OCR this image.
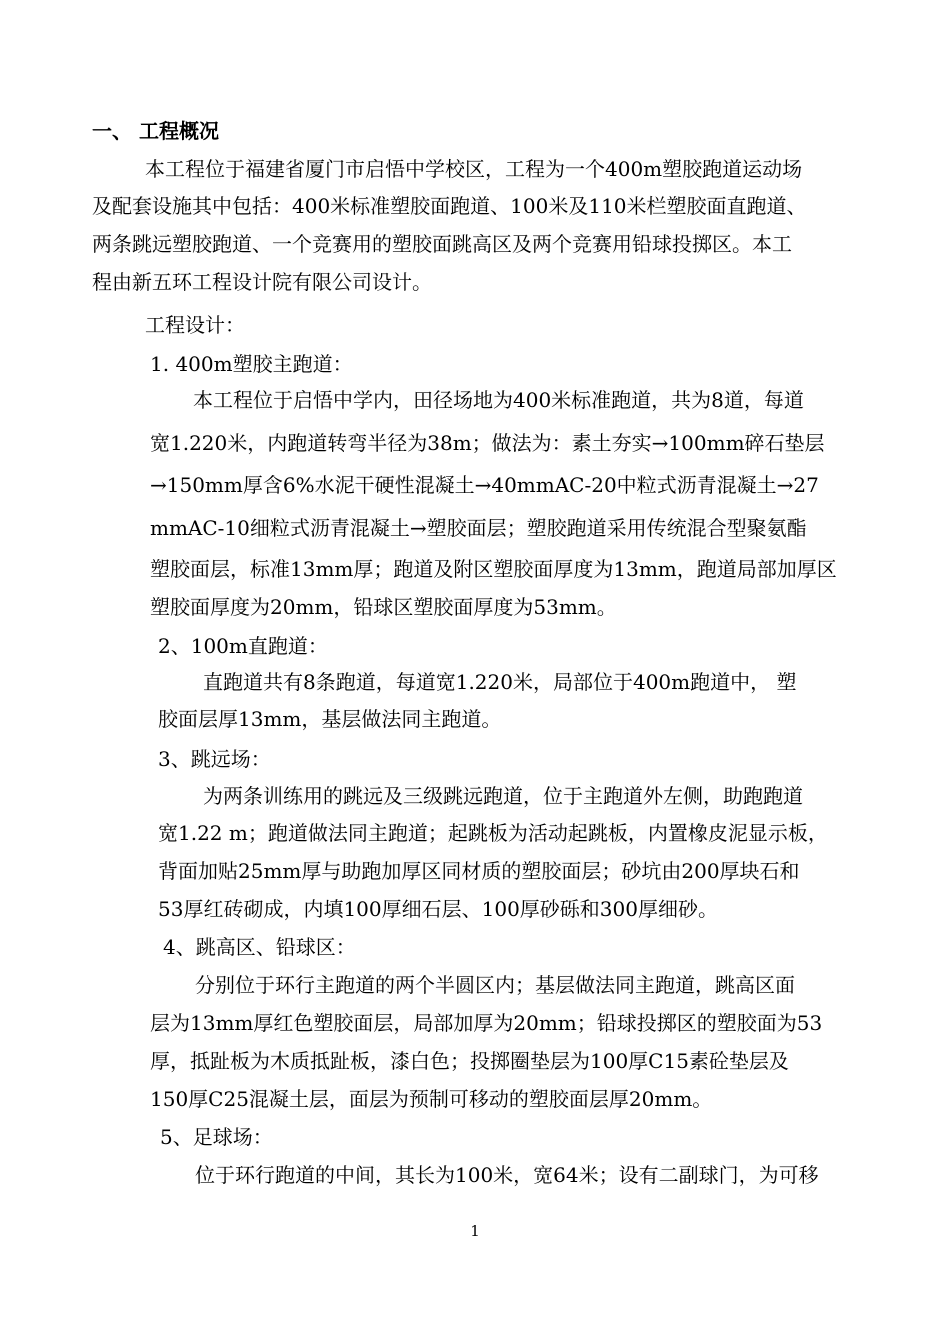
一、 工程概况
本工程位于福建省厦门市启悟中学校区，工程为一个400m塑胶跑道运动场
及配套设施其中包括：400米标准塑胶面跑道、100米及110米栏塑胶面直跑道、
两条跳远塑胶跑道、一个竞赛用的塑胶面跳高区及两个竞赛用铅球投掷区。本工
程由新五环工程设计院有限公司设计。
工程设计：
1. 400m塑胶主跑道：
本工程位于启悟中学内，田径场地为400米标准跑道，共为8道，每道
宽1.220米，内跑道转弯半径为38m；做法为：素土夯实→100mm碎石垫层
→150mm厚含6%水泥干硬性混凝土→40mmAC-20中粒式沥青混凝土→27
mmAC-10细粒式沥青混凝土→塑胶面层；塑胶跑道采用传统混合型聚氨酯
塑胶面层，标准13mm厚；跑道及附区塑胶面厚度为13mm，跑道局部加厚区
塑胶面厚度为20mm，铅球区塑胶面厚度为53mm。
2、100m直跑道：
直跑道共有8条跑道，每道宽1.220米，局部位于400m跑道中， 塑
胶面层厚13mm，基层做法同主跑道。
3、跳远场：
为两条训练用的跳远及三级跳远跑道，位于主跑道外左侧，助跑跑道
宽1.22 m；跑道做法同主跑道；起跳板为活动起跳板，内置橡皮泥显示板，
背面加贴25mm厚与助跑加厚区同材质的塑胶面层；砂坑由200厚块石和
53厚红砖砌成，内填100厚细石层、100厚砂砾和300厚细砂。
4、跳高区、铅球区：
分别位于环行主跑道的两个半圆区内；基层做法同主跑道，跳高区面
层为13mm厚红色塑胶面层，局部加厚为20mm；铅球投掷区的塑胶面为53
厚，抵趾板为木质抵趾板，漆白色；投掷圈垫层为100厚C15素砼垫层及
150厚C25混凝土层，面层为预制可移动的塑胶面层厚20mm。
5、足球场：
位于环行跑道的中间，其长为100米，宽64米；设有二副球门，为可移
1
